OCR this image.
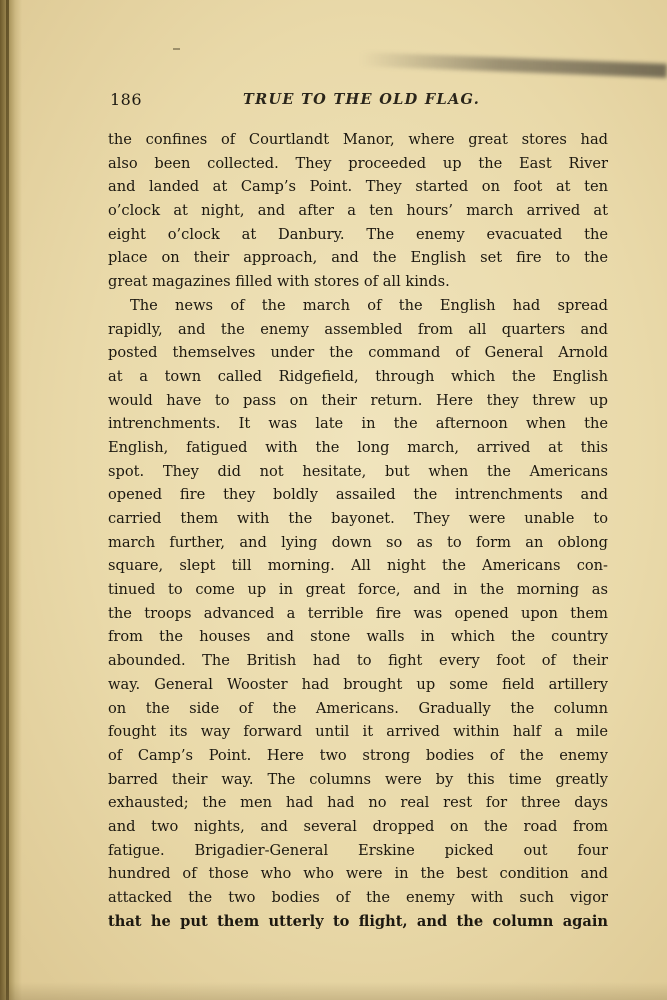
186	TRUE TO THE OLD FLAG.
the confines of Courtlandt Manor, where great stores had
also been collected. They proceeded up the East River
and landed at Camp’s Point. They started on foot at ten
o’clock at night, and after a ten hours’ march arrived at
eight o’clock at Danbury. The enemy evacuated the
place on their approach, and the English set fire to the
great magazines filled with stores of all kinds.
The news of the march of the English had spread
rapidly, and the enemy assembled from all quarters and
posted themselves under the command of General Arnold
at a town called Ridgefield, through which the English
would have to pass on their return. Here they threw up
intrenchments. It was late in the afternoon when the
English, fatigued with the long march, arrived at this
spot. They did not hesitate, but when the Americans
opened fire they boldly assailed the intrenchments and
carried them with the bayonet. They were unable to
march further, and lying down so as to form an oblong
square, slept till morning. All night the Americans con-
tinued to come up in great force, and in the morning as
the troops advanced a terrible fire was opened upon them
from the houses and stone walls in which the country
abounded. The British had to fight every foot of their
way. General Wooster had brought up some field artillery
on the side of the Americans. Gradually the column
fought its way forward until it arrived within half a mile
of Camp’s Point. Here two strong bodies of the enemy
barred their way. The columns were by this time greatly
exhausted; the men had had no real rest for three days
and two nights, and several dropped on the road from
fatigue. Brigadier-General Erskine picked out four
hundred of those who who were in the best condition and
attacked the two bodies of the enemy with such vigor
that he put them utterly to flight, and the column again
